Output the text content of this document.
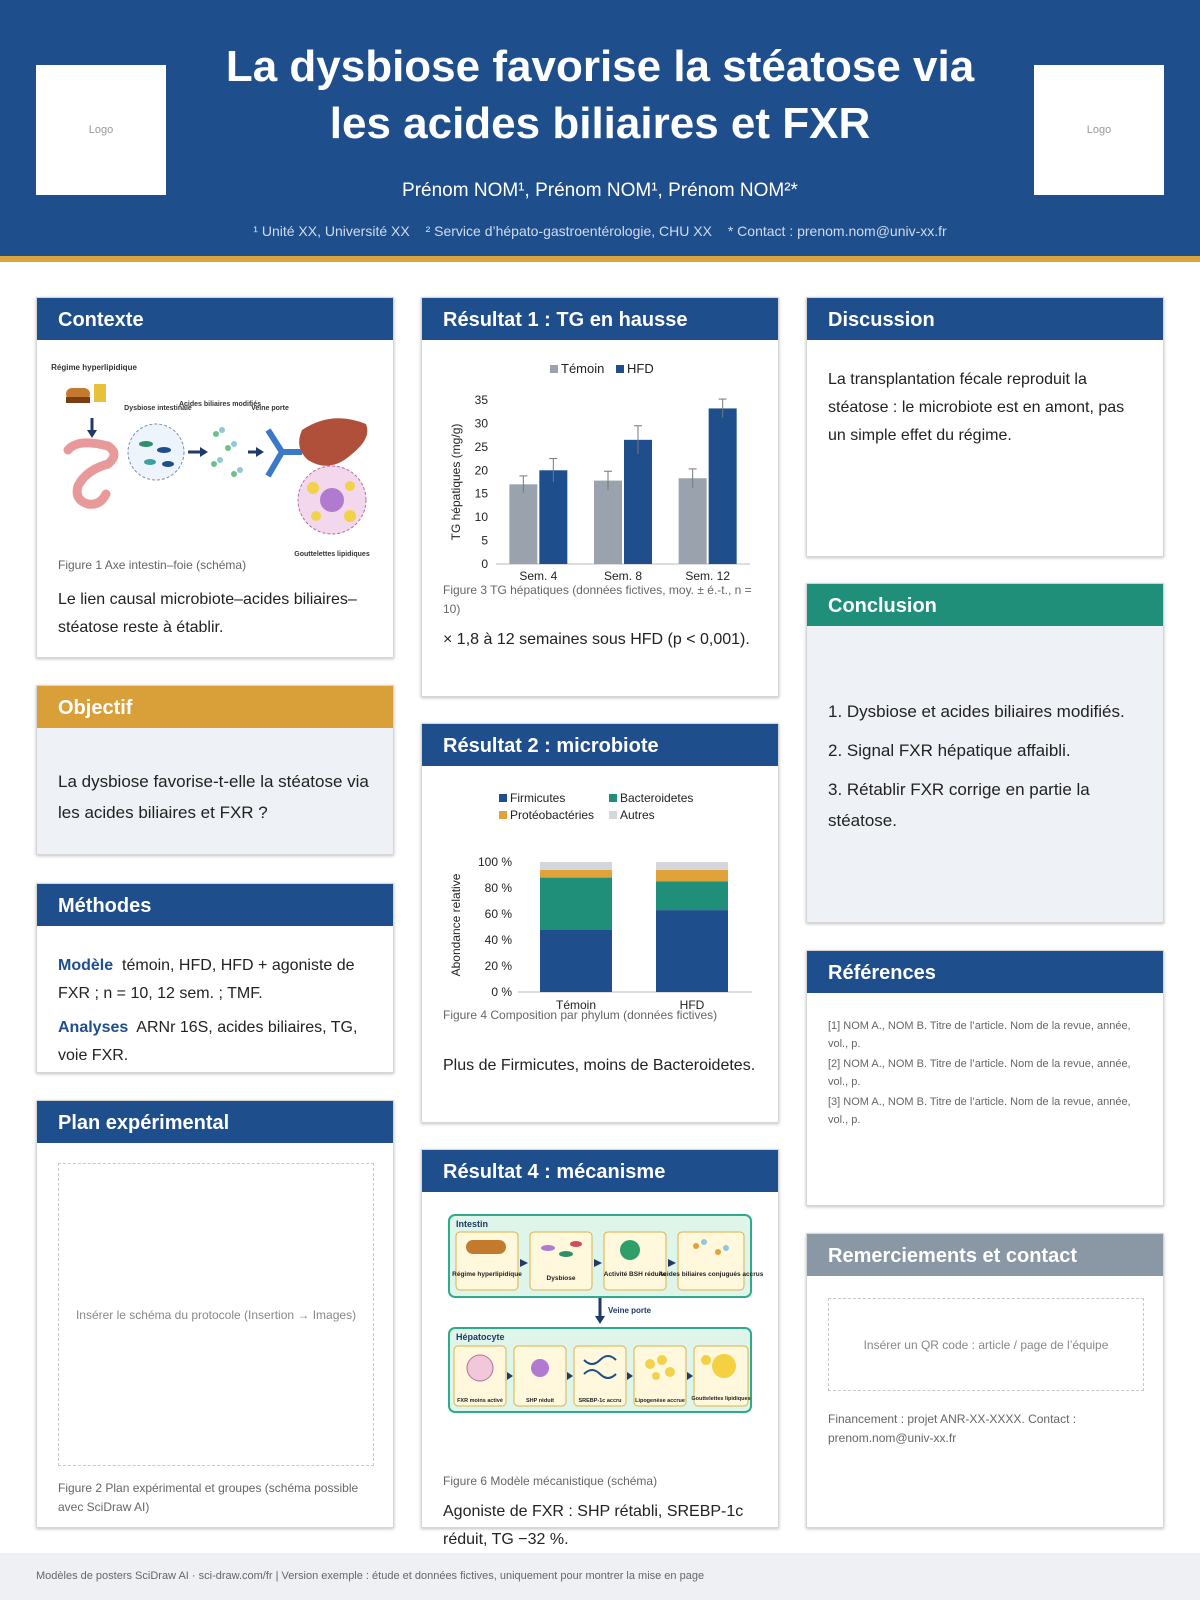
Logo
La dysbiose favorise la stéatose via
les acides biliaires et FXR	Logo
Prénom NOM¹, Prénom NOM¹, Prénom NOM²*
¹ Unité XX, Université XX ² Service d’hépato-gastroentérologie, CHU XX * Contact : prenom.nom@univ-xx.fr
Contexte
Régime hyperlipidique
Dysbiose intestinale
Acides biliaires modifiés
Veine porte
Gouttelettes lipidiques
Figure 1 Axe intestin–foie (schéma)
Le lien causal microbiote–acides biliaires–stéatose reste à établir.
Objectif
La dysbiose favorise-t-elle la stéatose via les acides biliaires et FXR ?
Méthodes
Modèle témoin, HFD, HFD + agoniste de FXR ; n = 10, 12 sem. ; TMF.
Analyses ARNr 16S, acides biliaires, TG, voie FXR.
Plan expérimental
Insérer le schéma du protocole (Insertion → Images)
Figure 2 Plan expérimental et groupes (schéma possible avec SciDraw AI)
Résultat 1 : TG en hausse
Témoin HFD
0
5
10
15
20
25
30
35
TG hépatiques (mg/g)
Sem. 4	Sem. 8	Sem. 12
Figure 3 TG hépatiques (données fictives, moy. ± é.-t., n = 10)
× 1,8 à 12 semaines sous HFD (p < 0,001).
Résultat 2 : microbiote
Firmicutes	Bacteroidetes
Protéobactéries Autres
0 %
20 %
40 %
60 %
80 %
100 %
Abondance relative
Témoin	HFD
Figure 4 Composition par phylum (données fictives)
Plus de Firmicutes, moins de Bacteroidetes.
Résultat 4 : mécanisme
Intestin
Régime hyperlipidique
Dysbiose
Activité BSH réduite
Acides biliaires conjugués accrus
Veine porte
Hépatocyte
FXR moins activé	SHP réduit	SREBP-1c accru Lipogenèse accrue Gouttelettes lipidiques
Figure 6 Modèle mécanistique (schéma)
Agoniste de FXR : SHP rétabli, SREBP-1c réduit, TG −32 %.
Discussion
La transplantation fécale reproduit la stéatose : le microbiote est en amont, pas un simple effet du régime.
Conclusion
1. Dysbiose et acides biliaires modifiés.
2. Signal FXR hépatique affaibli.
3. Rétablir FXR corrige en partie la stéatose.
Références
[1] NOM A., NOM B. Titre de l’article. Nom de la revue, année, vol., p.
[2] NOM A., NOM B. Titre de l’article. Nom de la revue, année, vol., p.
[3] NOM A., NOM B. Titre de l’article. Nom de la revue, année, vol., p.
Remerciements et contact
Insérer un QR code : article / page de l’équipe
Financement : projet ANR-XX-XXXX. Contact : prenom.nom@univ-xx.fr
Modèles de posters SciDraw AI · sci-draw.com/fr | Version exemple : étude et données fictives, uniquement pour montrer la mise en page
